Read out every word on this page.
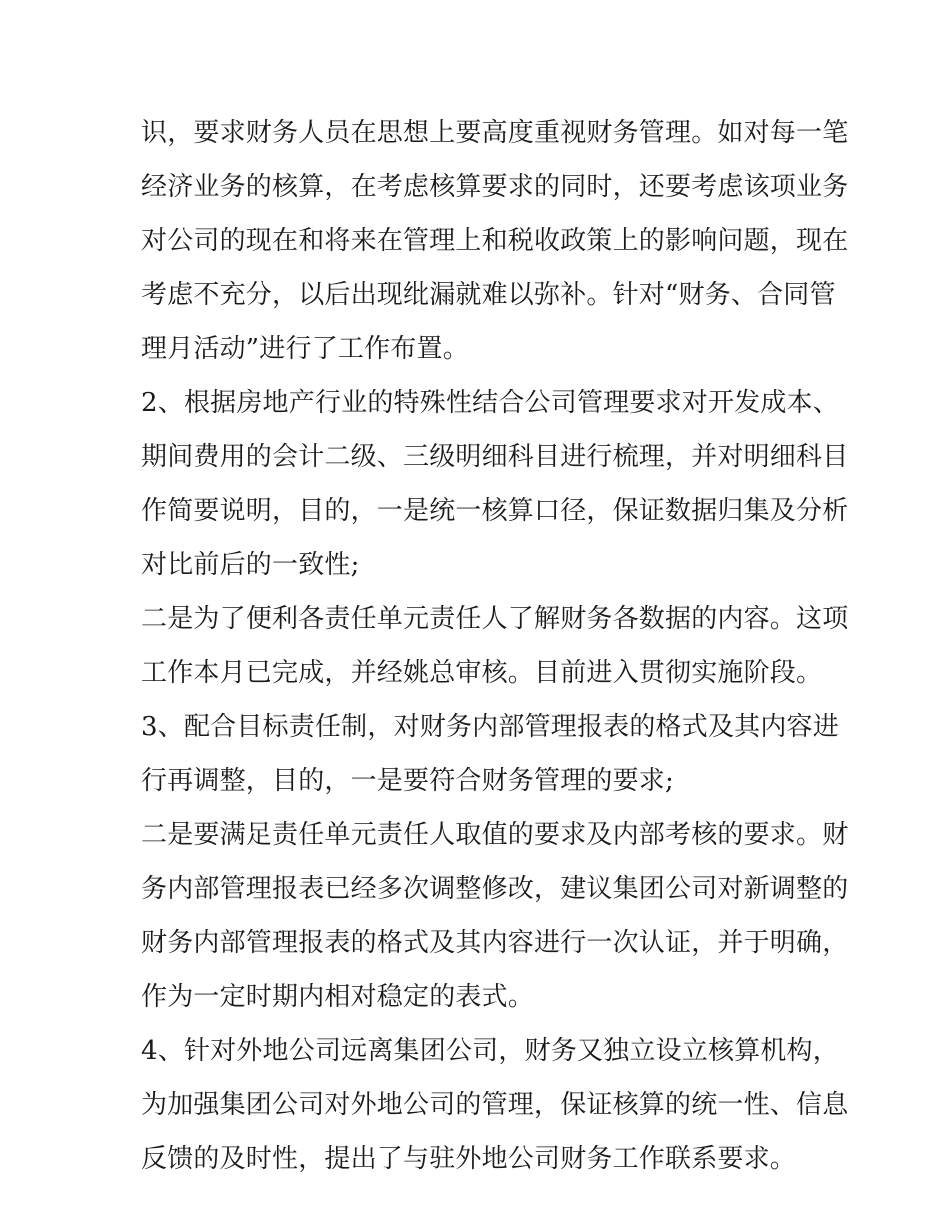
识，要求财务人员在思想上要高度重视财务管理。如对每一笔
经济业务的核算，在考虑核算要求的同时，还要考虑该项业务
对公司的现在和将来在管理上和税收政策上的影响问题，现在
考虑不充分，以后出现纰漏就难以弥补。针对“财务、合同管
理月活动”进行了工作布置。
2、根据房地产行业的特殊性结合公司管理要求对开发成本、
期间费用的会计二级、三级明细科目进行梳理，并对明细科目
作简要说明，目的，一是统一核算口径，保证数据归集及分析
对比前后的一致性;
二是为了便利各责任单元责任人了解财务各数据的内容。这项
工作本月已完成，并经姚总审核。目前进入贯彻实施阶段。
3、配合目标责任制，对财务内部管理报表的格式及其内容进
行再调整，目的，一是要符合财务管理的要求;
二是要满足责任单元责任人取值的要求及内部考核的要求。财
务内部管理报表已经多次调整修改，建议集团公司对新调整的
财务内部管理报表的格式及其内容进行一次认证，并于明确，
作为一定时期内相对稳定的表式。
4、针对外地公司远离集团公司，财务又独立设立核算机构，
为加强集团公司对外地公司的管理，保证核算的统一性、信息
反馈的及时性，提出了与驻外地公司财务工作联系要求。
